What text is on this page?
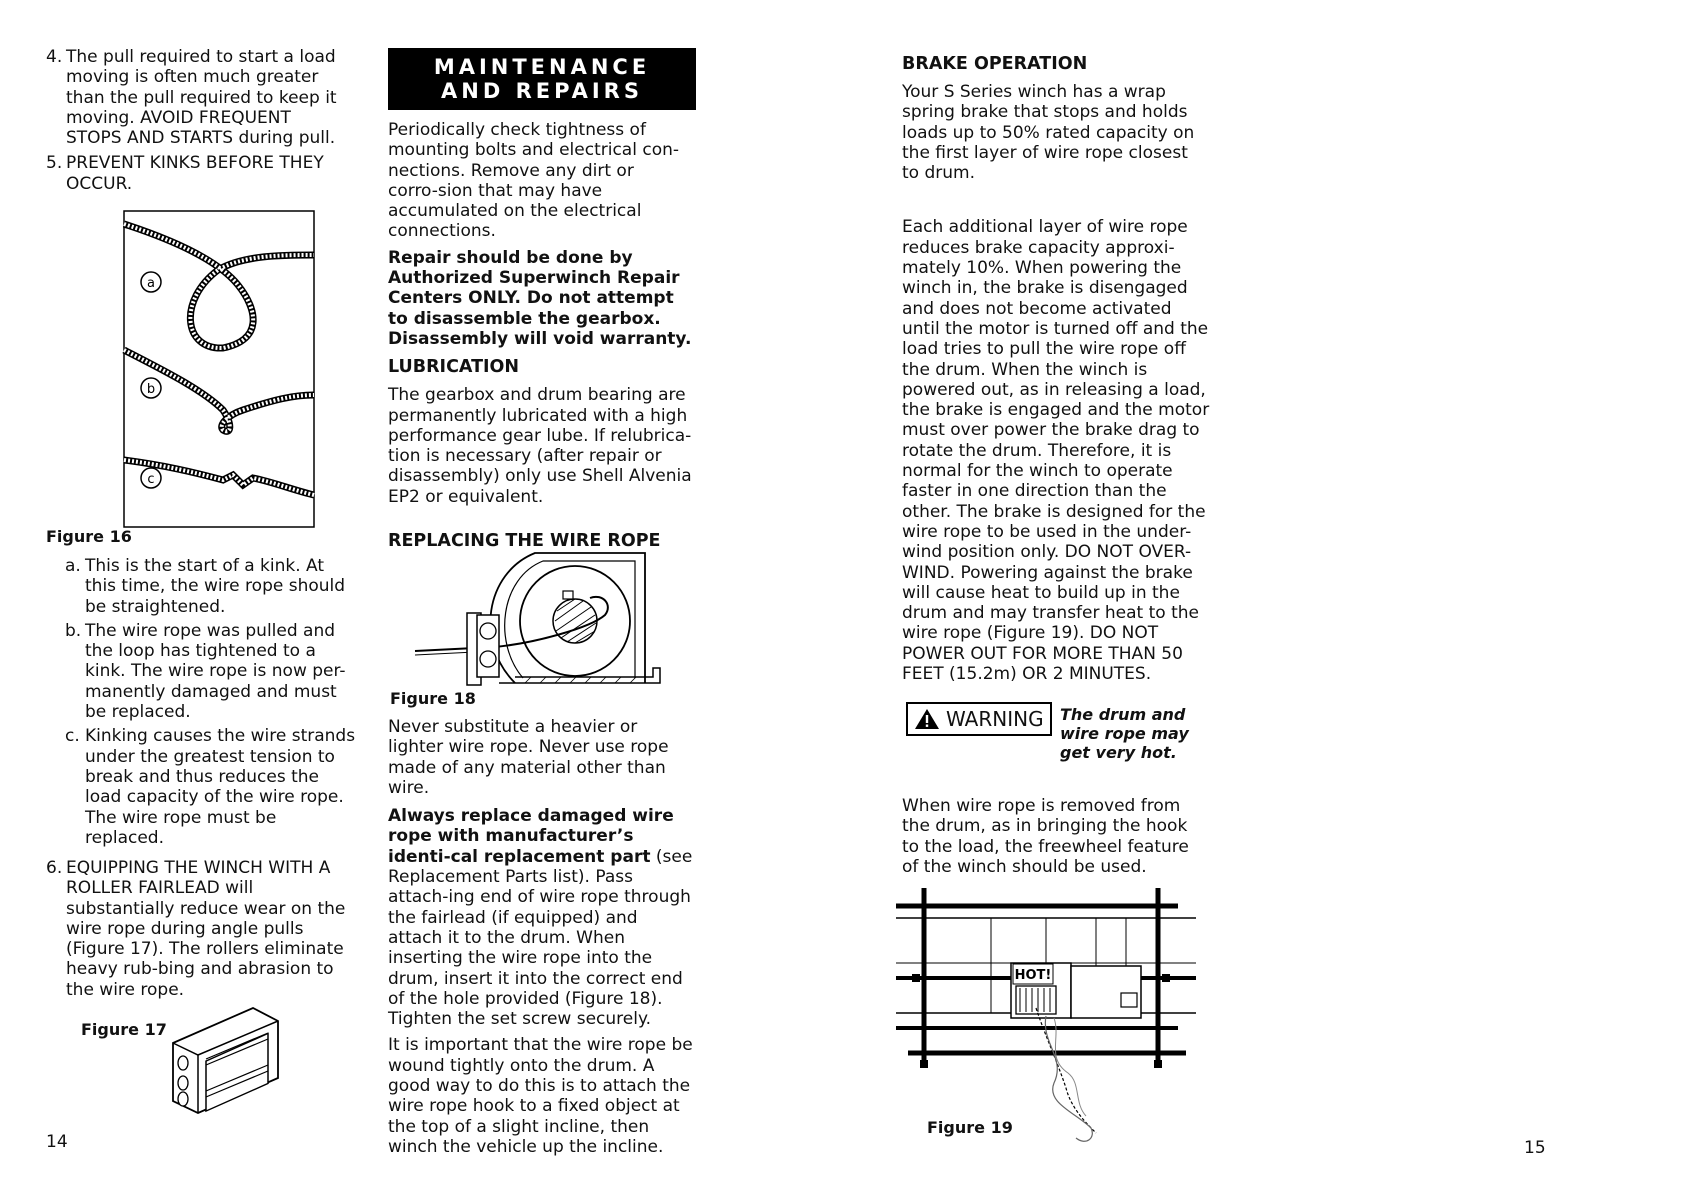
4. The pull required to start a load moving is often much greater than the pull required to keep it moving. AVOID FREQUENT STOPS AND STARTS during pull.
5. PREVENT KINKS BEFORE THEY OCCUR.
a
b
c
Figure 16
a. This is the start of a kink. At this time, the wire rope should be straightened.
b. The wire rope was pulled and the loop has tightened to a kink. The wire rope is now per-manently damaged and must be replaced.
c. Kinking causes the wire strands under the greatest tension to break and thus reduces the load capacity of the wire rope. The wire rope must be replaced.
6. EQUIPPING THE WINCH WITH A ROLLER FAIRLEAD will substantially reduce wear on the wire rope during angle pulls (Figure 17). The rollers eliminate heavy rub-bing and abrasion to the wire rope.
Figure 17
14
MAINTENANCE
AND REPAIRS

Periodically check tightness of mounting bolts and electrical con-nections. Remove any dirt or corro-sion that may have accumulated on the electrical connections.

Repair should be done by Authorized Superwinch Repair Centers ONLY. Do not attempt to disassemble the gearbox. Disassembly will void warranty.

LUBRICATION

The gearbox and drum bearing are permanently lubricated with a high performance gear lube. If relubrica-tion is necessary (after repair or disassembly) only use Shell Alvenia EP2 or equivalent.

REPLACING THE WIRE ROPE

Figure 18

Never substitute a heavier or lighter wire rope. Never use rope made of any material other than wire.

Always replace damaged wire rope with manufacturer’s identi-cal replacement part (see Replacement Parts list). Pass attach-ing end of wire rope through the fairlead (if equipped) and attach it to the drum. When inserting the wire rope into the drum, insert it into the correct end of the hole provided (Figure 18). Tighten the set screw securely.

It is important that the wire rope be wound tightly onto the drum. A good way to do this is to attach the wire rope hook to a fixed object at the top of a slight incline, then winch the vehicle up the incline.

BRAKE OPERATION

Your S Series winch has a wrap spring brake that stops and holds loads up to 50% rated capacity on the first layer of wire rope closest to drum.

Each additional layer of wire rope reduces brake capacity approxi-mately 10%. When powering the winch in, the brake is disengaged and does not become activated until the motor is turned off and the load tries to pull the wire rope off the drum. When the winch is powered out, as in releasing a load, the brake is engaged and the motor must over power the brake drag to rotate the drum. Therefore, it is normal for the winch to operate faster in one direction than the other. The brake is designed for the wire rope to be used in the under-wind position only. DO NOT OVER-WIND. Powering against the brake will cause heat to build up in the drum and may transfer heat to the wire rope (Figure 19). DO NOT POWER OUT FOR MORE THAN 50 FEET (15.2m) OR 2 MINUTES.

WARNING The drum and wire rope may get very hot.

When wire rope is removed from the drum, as in bringing the hook to the load, the freewheel feature of the winch should be used.

HOT!
Figure 19
15
